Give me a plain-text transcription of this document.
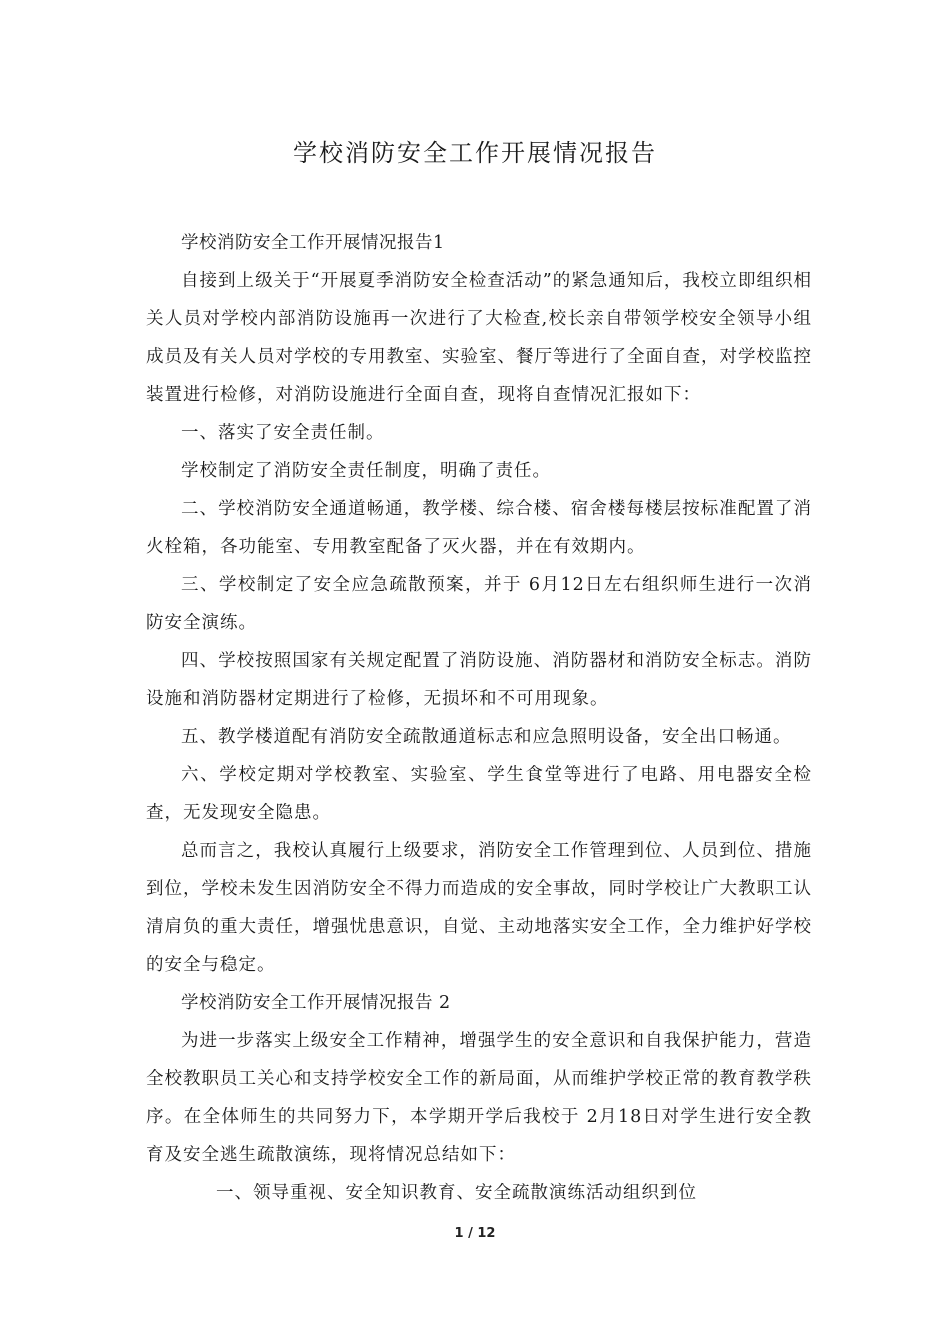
学校消防安全工作开展情况报告

学校消防安全工作开展情况报告1

自接到上级关于“开展夏季消防安全检查活动”的紧急通知后，我校立即组织相关人员对学校内部消防设施再一次进行了大检查,校长亲自带领学校安全领导小组成员及有关人员对学校的专用教室、实验室、餐厅等进行了全面自查，对学校监控装置进行检修，对消防设施进行全面自查，现将自查情况汇报如下：

一、落实了安全责任制。

学校制定了消防安全责任制度，明确了责任。

二、学校消防安全通道畅通，教学楼、综合楼、宿舍楼每楼层按标准配置了消火栓箱，各功能室、专用教室配备了灭火器，并在有效期内。

三、学校制定了安全应急疏散预案，并于 6月12日左右组织师生进行一次消防安全演练。

四、学校按照国家有关规定配置了消防设施、消防器材和消防安全标志。消防设施和消防器材定期进行了检修，无损坏和不可用现象。

五、教学楼道配有消防安全疏散通道标志和应急照明设备，安全出口畅通。

六、学校定期对学校教室、实验室、学生食堂等进行了电路、用电器安全检查，无发现安全隐患。

总而言之，我校认真履行上级要求，消防安全工作管理到位、人员到位、措施到位，学校未发生因消防安全不得力而造成的安全事故，同时学校让广大教职工认清肩负的重大责任，增强忧患意识，自觉、主动地落实安全工作，全力维护好学校的安全与稳定。

学校消防安全工作开展情况报告 2

为进一步落实上级安全工作精神，增强学生的安全意识和自我保护能力，营造全校教职员工关心和支持学校安全工作的新局面，从而维护学校正常的教育教学秩序。在全体师生的共同努力下，本学期开学后我校于 2月18日对学生进行安全教育及安全逃生疏散演练，现将情况总结如下：

一、领导重视、安全知识教育、安全疏散演练活动组织到位

1 / 12
